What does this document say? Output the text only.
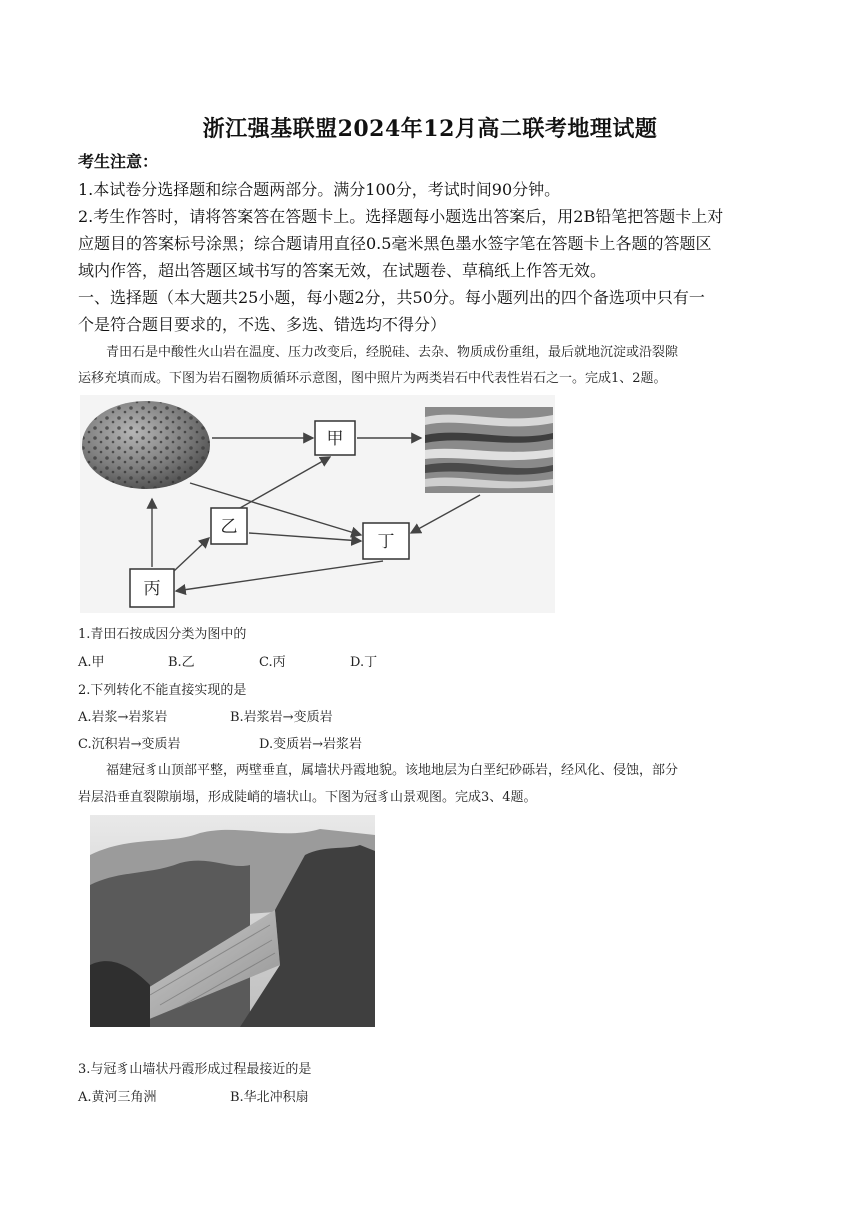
浙江强基联盟2024年12月高二联考地理试题
考生注意：
1.本试卷分选择题和综合题两部分。满分100分，考试时间90分钟。
2.考生作答时，请将答案答在答题卡上。选择题每小题选出答案后，用2B铅笔把答题卡上对
应题目的答案标号涂黑；综合题请用直径0.5毫米黑色墨水签字笔在答题卡上各题的答题区
域内作答，超出答题区域书写的答案无效，在试题卷、草稿纸上作答无效。
一、选择题（本大题共25小题，每小题2分，共50分。每小题列出的四个备选项中只有一
个是符合题目要求的，不选、多选、错选均不得分）
青田石是中酸性火山岩在温度、压力改变后，经脱硅、去杂、物质成份重组，最后就地沉淀或沿裂隙
运移充填而成。下图为岩石圈物质循环示意图，图中照片为两类岩石中代表性岩石之一。完成1、2题。
甲
乙
丙
丁
1.青田石按成因分类为图中的
A.甲	B.乙	C.丙	D.丁
2.下列转化不能直接实现的是
A.岩浆→岩浆岩	B.岩浆岩→变质岩
C.沉积岩→变质岩	D.变质岩→岩浆岩
福建冠豸山顶部平整，两壁垂直，属墙状丹霞地貌。该地地层为白垩纪砂砾岩，经风化、侵蚀，部分
岩层沿垂直裂隙崩塌，形成陡峭的墙状山。下图为冠豸山景观图。完成3、4题。
3.与冠豸山墙状丹霞形成过程最接近的是
A.黄河三角洲	B.华北冲积扇
